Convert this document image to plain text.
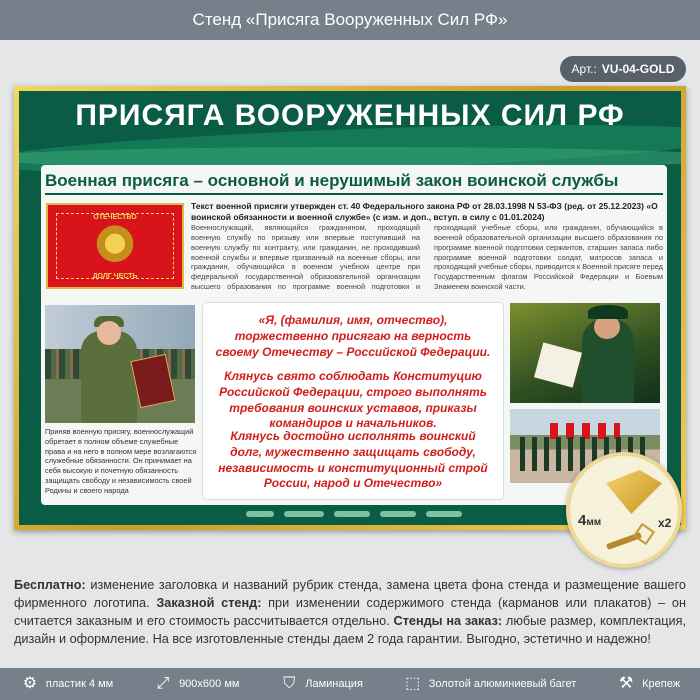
Стенд «Присяга Вооруженных Сил РФ»
Арт.: VU-04-GOLD
ПРИСЯГА ВООРУЖЕННЫХ СИЛ РФ
Военная присяга – основной и нерушимый закон воинской службы
ОТЕЧЕСТВО
ДОЛГ ЧЕСТЬ
Текст военной присяги утвержден ст. 40 Федерального закона РФ от 28.03.1998 N 53-ФЗ (ред. от 25.12.2023) «О воинской обязанности и военной службе» (с изм. и доп., вступ. в силу с 01.01.2024)
Военнослужащий, являющийся гражданином, проходящий военную службу по призыву или впервые поступивший на военную службу по контракту, или гражданин, не проходивший военной службы и впервые призванный на военные сборы, или гражданин, обучающийся в военном учебном центре при федеральной государственной образовательной организации высшего образования по программе военной подготовки и проходящий учебные сборы, или гражданин, обучающийся в военной образовательной организации высшего образования по программе военной подготовки сержантов, старшин запаса либо программе военной подготовки солдат, матросов запаса и проходящий учебные сборы, приводится к Военной присяге перед Государственным флагом Российской Федерации и Боевым Знаменем воинской части.
Приняв военную присягу, военнослужащий обретает в полном объеме служебные права и на него в полном мере возлагаются служебные обязанности. Он принимает на себя высокую и почетную обязанность защищать свободу и независимость своей Родины и своего народа

«Я, (фамилия, имя, отчество), торжественно присягаю на верность своему Отечеству – Российской Федерации.

Клянусь свято соблюдать Конституцию Российской Федерации, строго выполнять требования воинских уставов, приказы командиров и начальников.

Клянусь достойно исполнять воинский долг, мужественно защищать свободу, независимость и конституционный строй России, народ и Отечество»

4мм	x2
Бесплатно: изменение заголовка и названий рубрик стенда, замена цвета фона стенда и размещение вашего фирменного логотипа. Заказной стенд: при изменении содержимого стенда (карманов или плакатов) – он считается заказным и его стоимость рассчитывается отдельно. Стенды на заказ: любые размер, комплектация, дизайн и оформление. На все изготовленные стенды даем 2 года гарантии. Выгодно, эстетично и надежно!
⚙ пластик 4 мм	⤢ 900x600 мм	⛉ Ламинация	⬚ Золотой алюминиевый багет	⚒ Крепеж
